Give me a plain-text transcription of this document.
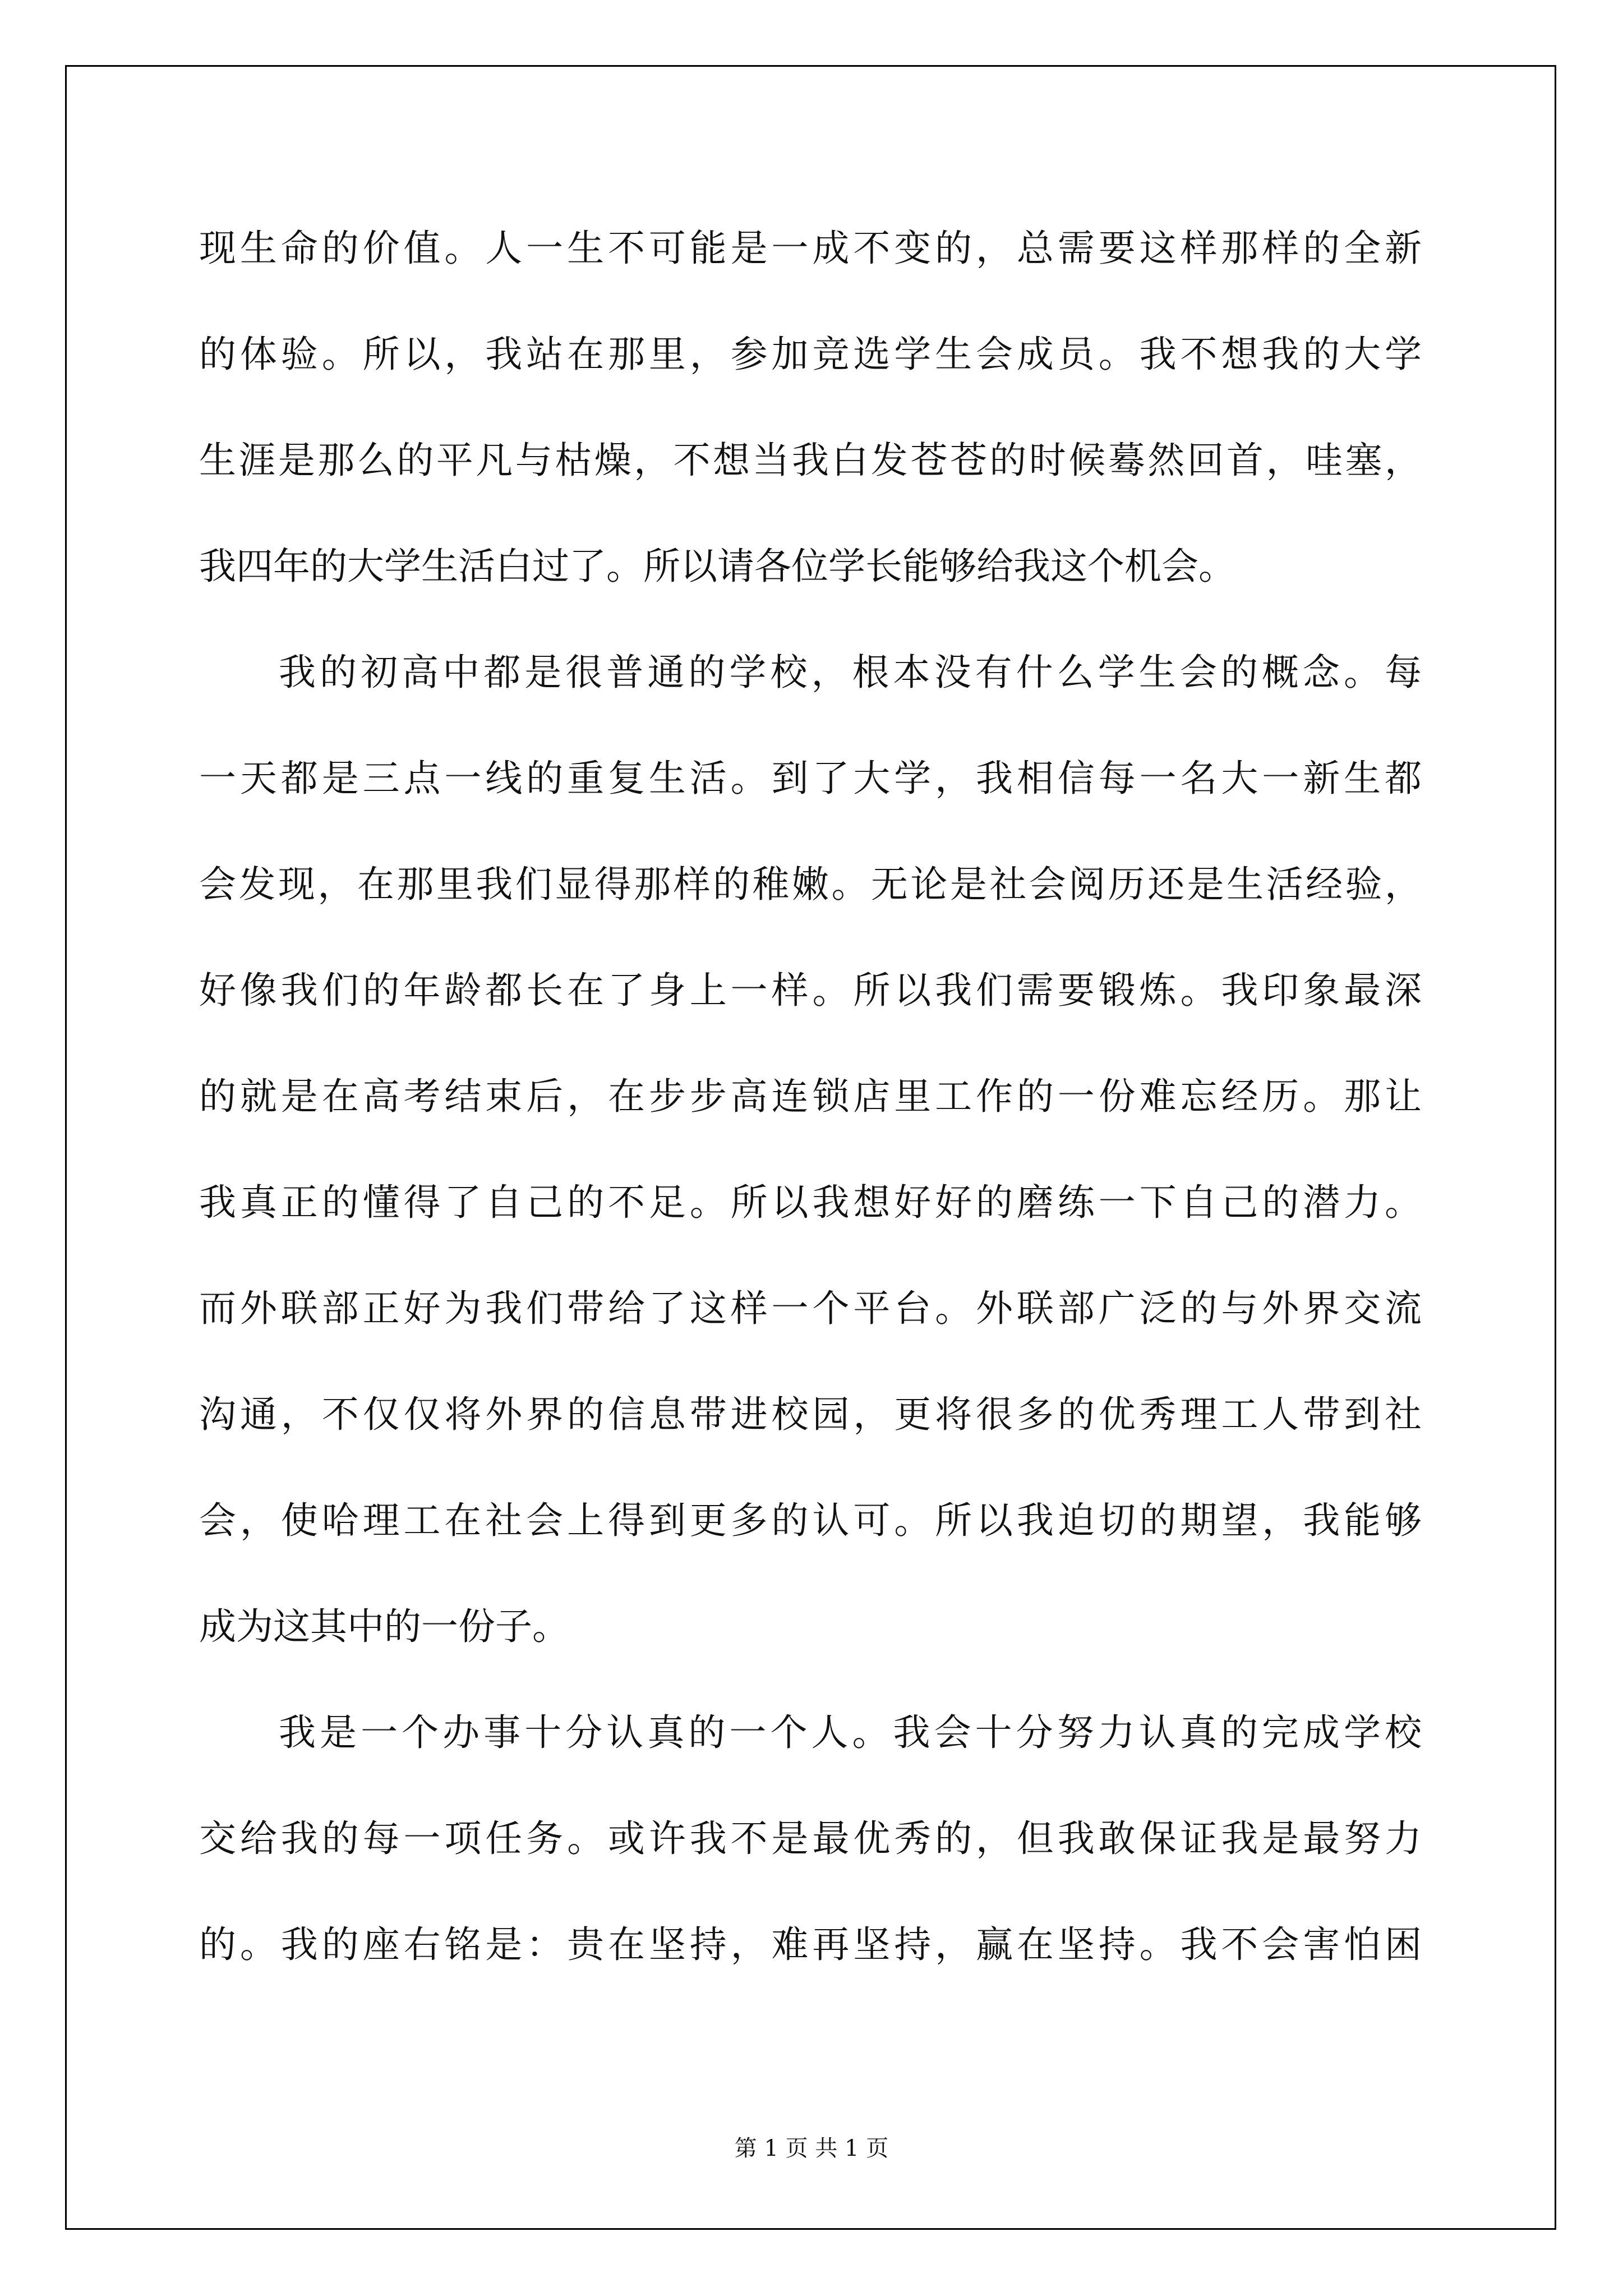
现生命的价值。人一生不可能是一成不变的，总需要这样那样的全新
的体验。所以，我站在那里，参加竞选学生会成员。我不想我的大学
生涯是那么的平凡与枯燥，不想当我白发苍苍的时候蓦然回首，哇塞，
我四年的大学生活白过了。所以请各位学长能够给我这个机会。
我的初高中都是很普通的学校，根本没有什么学生会的概念。每
一天都是三点一线的重复生活。到了大学，我相信每一名大一新生都
会发现，在那里我们显得那样的稚嫩。无论是社会阅历还是生活经验，
好像我们的年龄都长在了身上一样。所以我们需要锻炼。我印象最深
的就是在高考结束后，在步步高连锁店里工作的一份难忘经历。那让
我真正的懂得了自己的不足。所以我想好好的磨练一下自己的潜力。
而外联部正好为我们带给了这样一个平台。外联部广泛的与外界交流
沟通，不仅仅将外界的信息带进校园，更将很多的优秀理工人带到社
会，使哈理工在社会上得到更多的认可。所以我迫切的期望，我能够
成为这其中的一份子。
我是一个办事十分认真的一个人。我会十分努力认真的完成学校
交给我的每一项任务。或许我不是最优秀的，但我敢保证我是最努力
的。我的座右铭是：贵在坚持，难再坚持，赢在坚持。我不会害怕困
第 1 页 共 1 页
